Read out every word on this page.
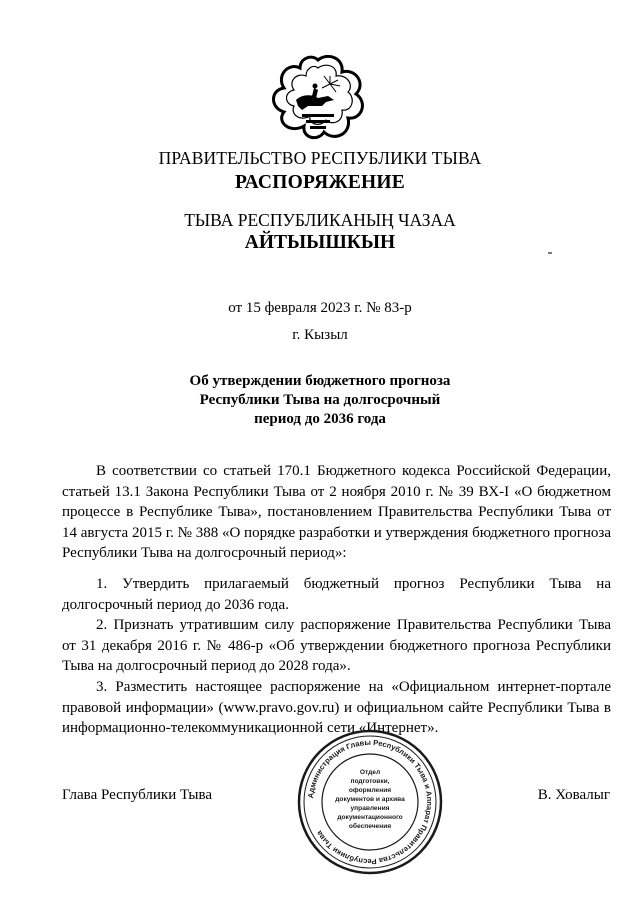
ПРАВИТЕЛЬСТВО РЕСПУБЛИКИ ТЫВА
РАСПОРЯЖЕНИЕ
ТЫВА РЕСПУБЛИКАНЫҢ ЧАЗАА
АЙТЫЫШКЫН
от 15 февраля 2023 г. № 83-р
г. Кызыл
Об утверждении бюджетного прогноза
Республики Тыва на долгосрочный
период до 2036 года

В соответствии со статьей 170.1 Бюджетного кодекса Российской Федерации, статьей 13.1 Закона Республики Тыва от 2 ноября 2010 г. № 39 ВХ-I «О бюджетном процессе в Республике Тыва», постановлением Правительства Республики Тыва от 14 августа 2015 г. № 388 «О порядке разработки и утверждения бюджетного прогноза Республики Тыва на долгосрочный период»:

1. Утвердить прилагаемый бюджетный прогноз Республики Тыва на долгосрочный период до 2036 года.

2. Признать утратившим силу распоряжение Правительства Республики Тыва от 31 декабря 2016 г. № 486-р «Об утверждении бюджетного прогноза Республики Тыва на долгосрочный период до 2028 года».

3. Разместить настоящее распоряжение на «Официальном интернет-портале правовой информации» (www.pravo.gov.ru) и официальном сайте Республики Тыва в информационно-телекоммуникационной сети «Интернет».

Администрация Главы Республики Тыва и Аппарат Правительства Республики Тыва
Отдел
подготовки,
оформления
документов и архива
управления
документационного
обеспечения
Глава Республики Тыва	В. Ховалыг
